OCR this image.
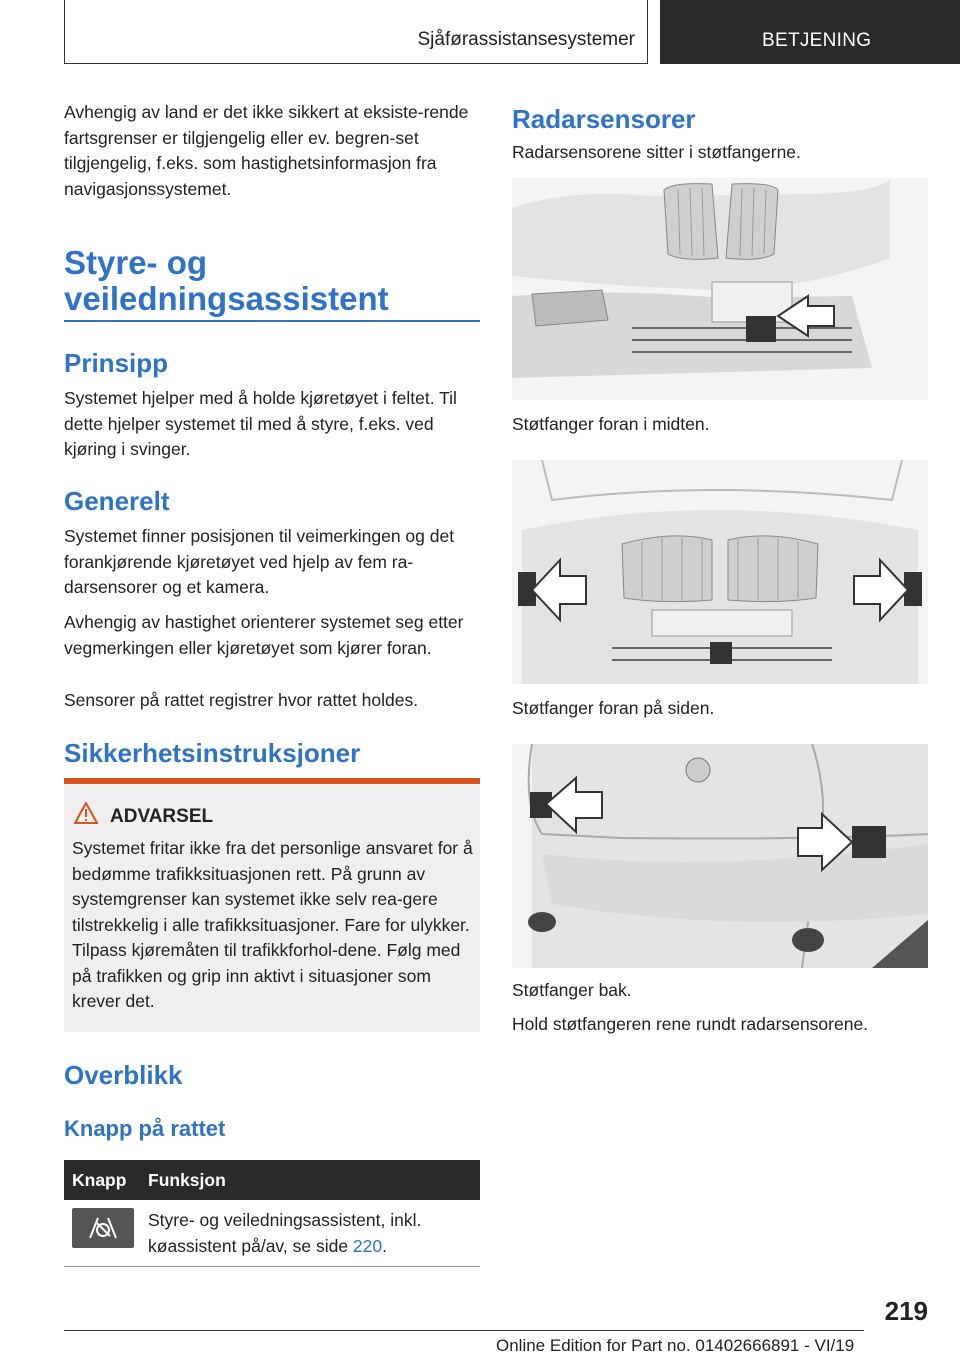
Sjåførassistansesystemer	BETJENING

Avhengig av land er det ikke sikkert at eksiste-rende fartsgrenser er tilgjengelig eller ev. begren-set tilgjengelig, f.eks. som hastighetsinformasjon fra navigasjonssystemet.

Styre- og
veiledningsassistent
Prinsipp

Systemet hjelper med å holde kjøretøyet i feltet. Til dette hjelper systemet til med å styre, f.eks. ved kjøring i svinger.

Generelt

Systemet finner posisjonen til veimerkingen og det forankjørende kjøretøyet ved hjelp av fem ra-darsensorer og et kamera.

Avhengig av hastighet orienterer systemet seg etter vegmerkingen eller kjøretøyet som kjører foran.

Sensorer på rattet registrer hvor rattet holdes.

Sikkerhetsinstruksjoner
ADVARSEL
Systemet fritar ikke fra det personlige ansvaret for å bedømme trafikksituasjonen rett. På grunn av systemgrenser kan systemet ikke selv rea-gere tilstrekkelig i alle trafikksituasjoner. Fare for ulykker. Tilpass kjøremåten til trafikkforhol-dene. Følg med på trafikken og grip inn aktivt i situasjoner som krever det.
Overblikk
Knapp på rattet
Knapp Funksjon
Styre- og veiledningsassistent, inkl. køassistent på/av, se side 220.
Radarsensorer

Radarsensorene sitter i støtfangerne.

Støtfanger foran i midten.

Støtfanger foran på siden.

Støtfanger bak.

Hold støtfangeren rene rundt radarsensorene.

219
Online Edition for Part no. 01402666891 - VI/19
